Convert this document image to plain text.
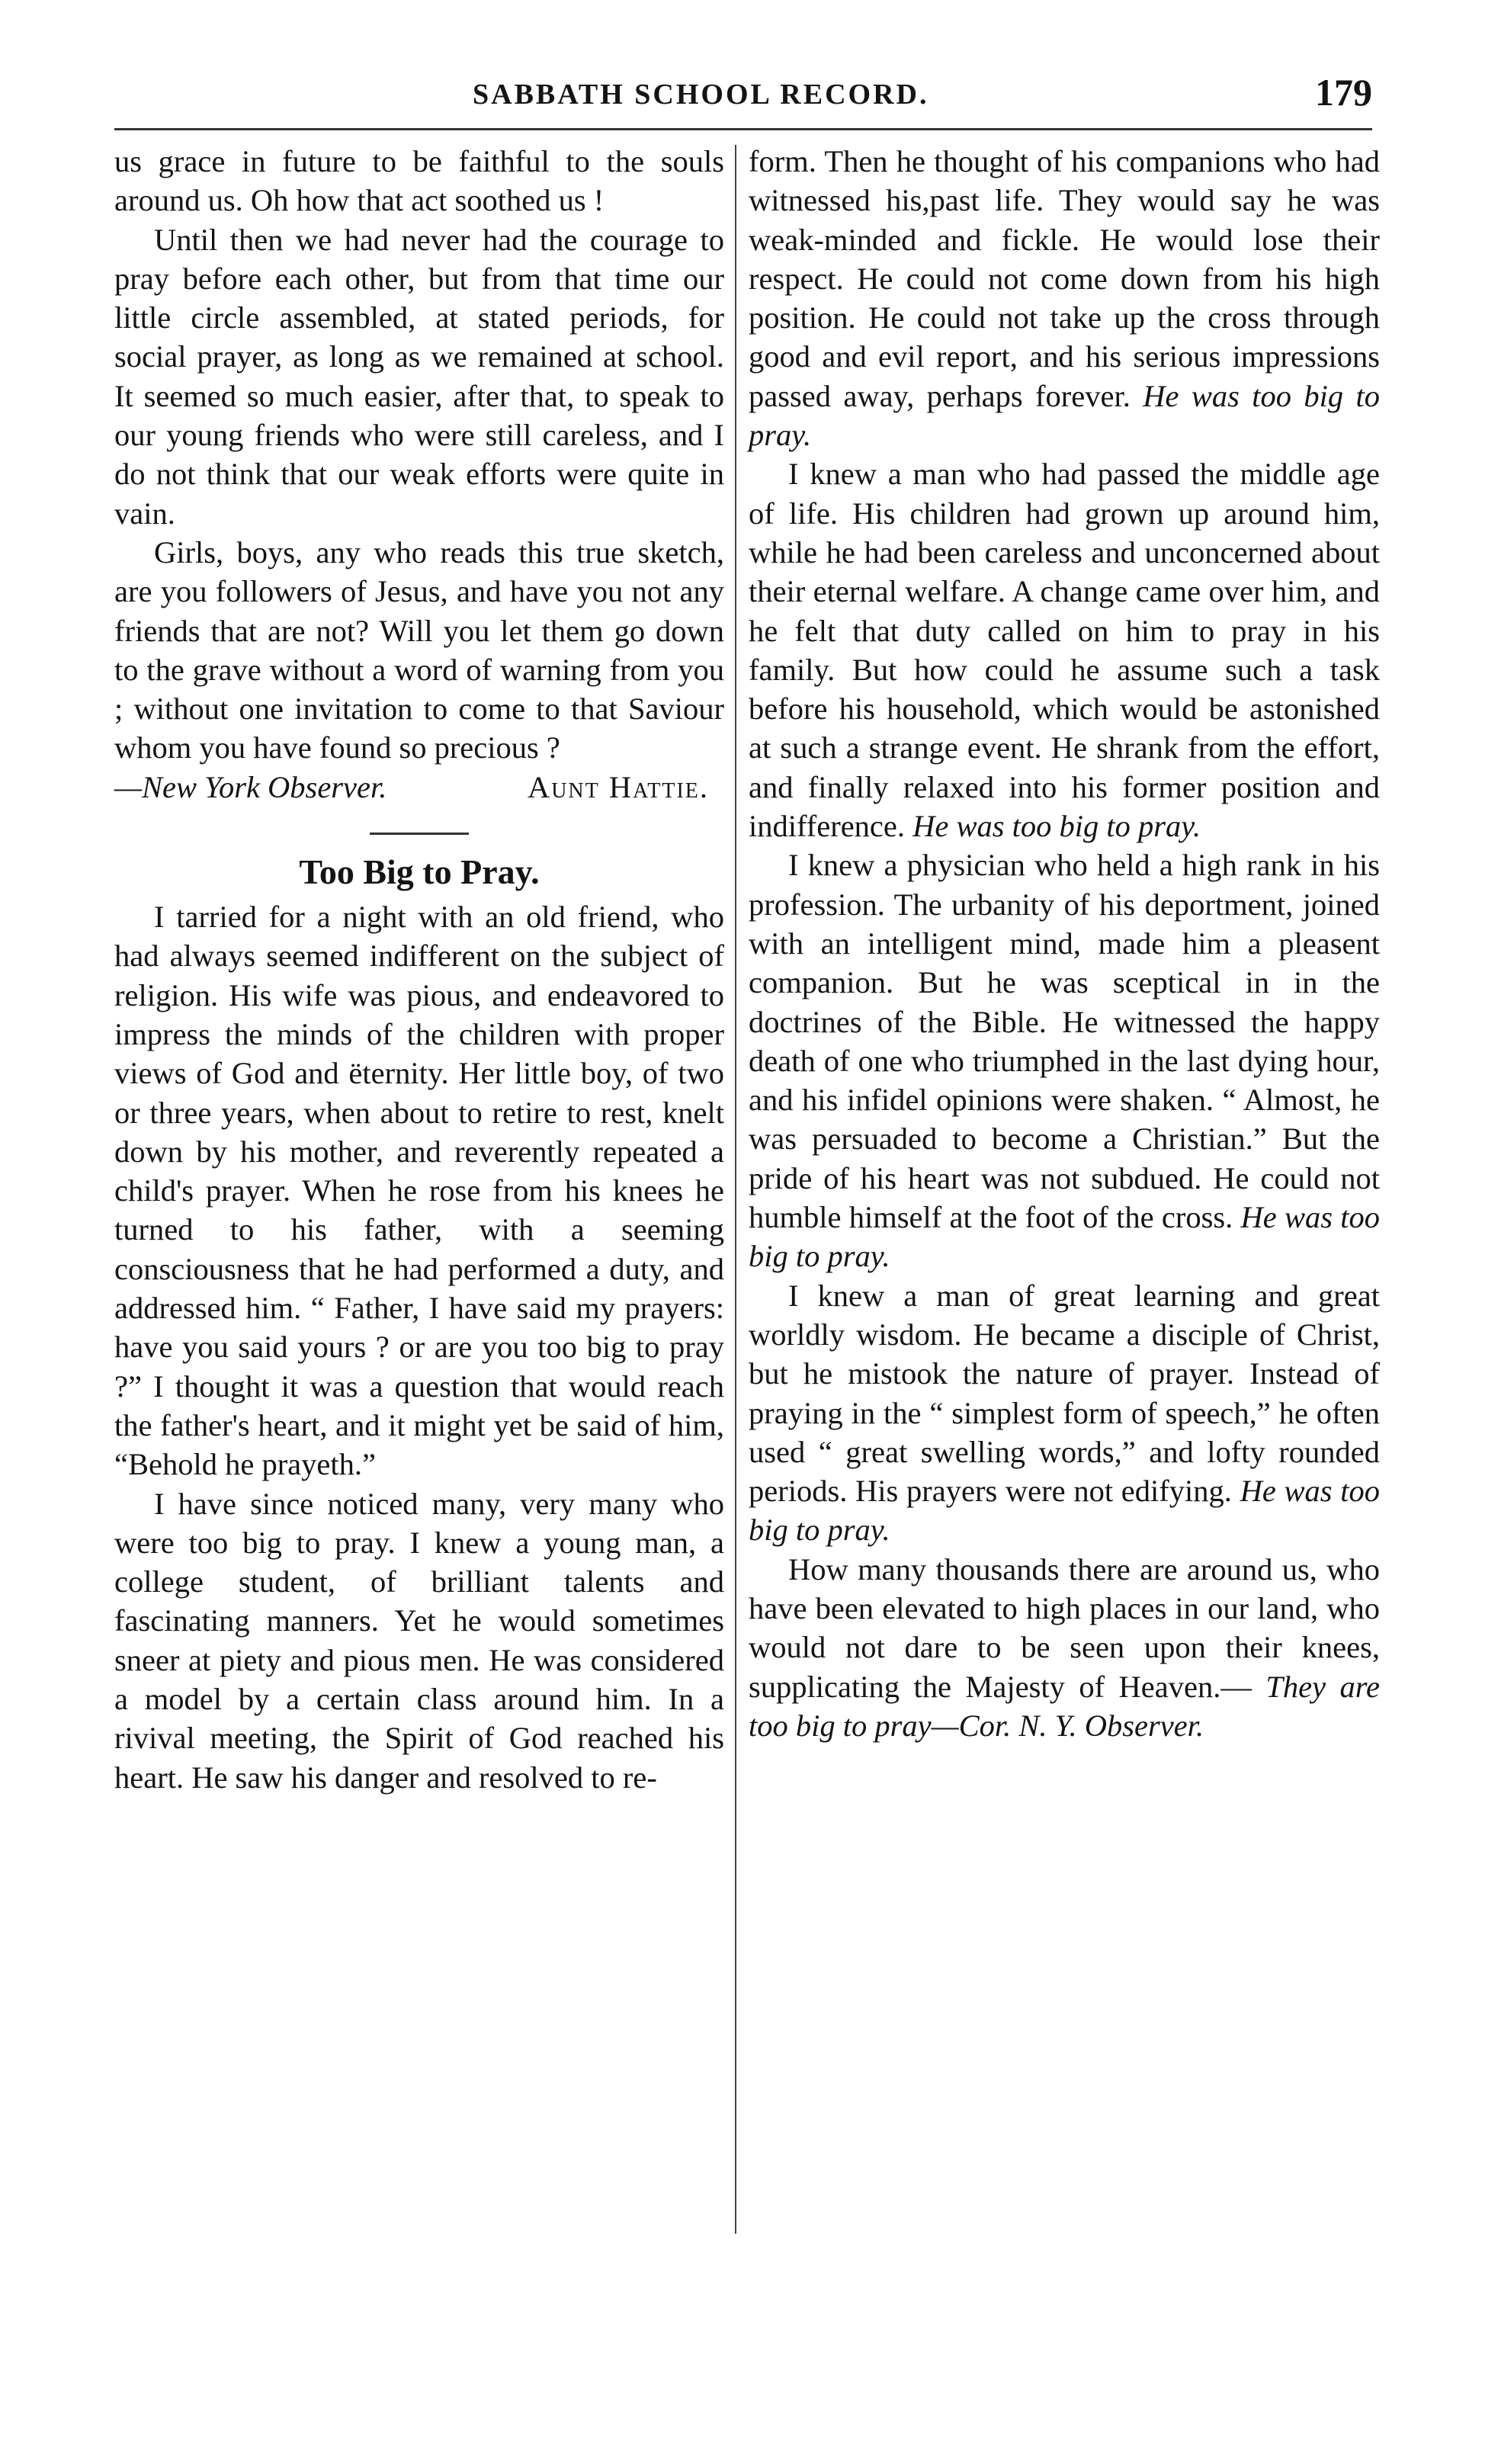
SABBATH SCHOOL RECORD.	179

us grace in future to be faithful to the souls around us. Oh how that act soothed us !

Until then we had never had the courage to pray before each other, but from that time our little circle assembled, at stated periods, for social prayer, as long as we remained at school. It seemed so much easier, after that, to speak to our young friends who were still careless, and I do not think that our weak efforts were quite in vain.

Girls, boys, any who reads this true sketch, are you followers of Jesus, and have you not any friends that are not? Will you let them go down to the grave without a word of warning from you ; without one invitation to come to that Saviour whom you have found so precious ?

Aunt Hattie.

—New York Observer.

Too Big to Pray.

I tarried for a night with an old friend, who had always seemed indifferent on the subject of religion. His wife was pious, and endeavored to impress the minds of the children with proper views of God and ëternity. Her little boy, of two or three years, when about to retire to rest, knelt down by his mother, and reverently repeated a child's prayer. When he rose from his knees he turned to his father, with a seeming consciousness that he had performed a duty, and addressed him. “ Father, I have said my prayers: have you said yours ? or are you too big to pray ?” I thought it was a question that would reach the father's heart, and it might yet be said of him, “Behold he prayeth.”

I have since noticed many, very many who were too big to pray. I knew a young man, a college student, of brilliant talents and fascinating manners. Yet he would sometimes sneer at piety and pious men. He was considered a model by a certain class around him. In a rivival meeting, the Spirit of God reached his heart. He saw his danger and resolved to re-

form. Then he thought of his companions who had witnessed his,past life. They would say he was weak-minded and fickle. He would lose their respect. He could not come down from his high position. He could not take up the cross through good and evil report, and his serious impressions passed away, perhaps forever. He was too big to pray.

I knew a man who had passed the middle age of life. His children had grown up around him, while he had been careless and unconcerned about their eternal welfare. A change came over him, and he felt that duty called on him to pray in his family. But how could he assume such a task before his household, which would be astonished at such a strange event. He shrank from the effort, and finally relaxed into his former position and indifference. He was too big to pray.

I knew a physician who held a high rank in his profession. The urbanity of his deportment, joined with an intelligent mind, made him a pleasent companion. But he was sceptical in in the doctrines of the Bible. He witnessed the happy death of one who triumphed in the last dying hour, and his infidel opinions were shaken. “ Almost, he was persuaded to become a Christian.” But the pride of his heart was not subdued. He could not humble himself at the foot of the cross. He was too big to pray.

I knew a man of great learning and great worldly wisdom. He became a disciple of Christ, but he mistook the nature of prayer. Instead of praying in the “ simplest form of speech,” he often used “ great swelling words,” and lofty rounded periods. His prayers were not edifying. He was too big to pray.

How many thousands there are around us, who have been elevated to high places in our land, who would not dare to be seen upon their knees, supplicating the Majesty of Heaven.— They are too big to pray—Cor. N. Y. Observer.
